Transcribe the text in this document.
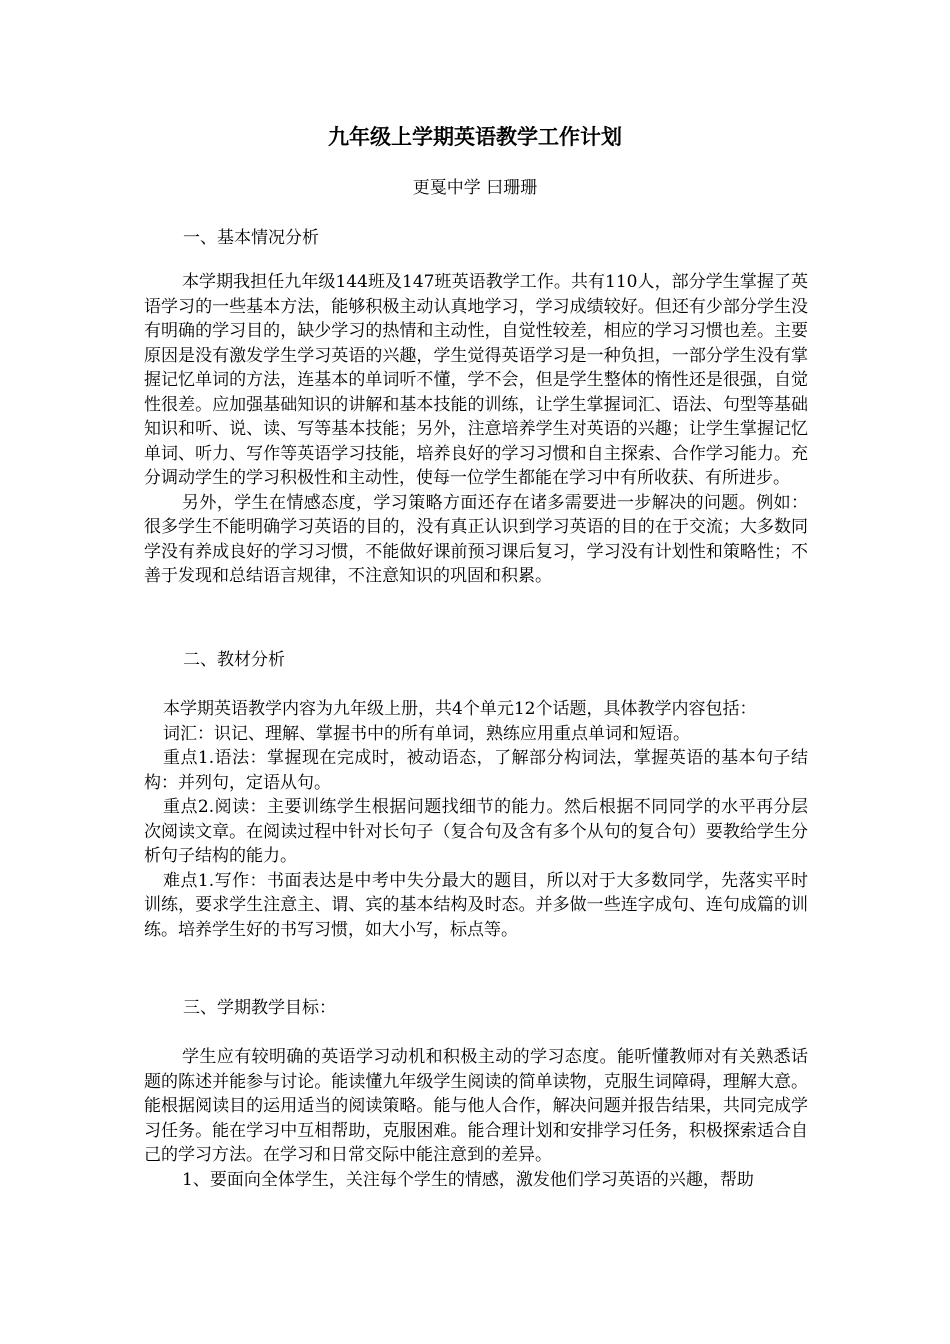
九年级上学期英语教学工作计划
更戛中学 曰珊珊
一、基本情况分析

本学期我担任九年级144班及147班英语教学工作。共有110人，部分学生掌握了英语学习的一些基本方法，能够积极主动认真地学习，学习成绩较好。但还有少部分学生没有明确的学习目的，缺少学习的热情和主动性，自觉性较差，相应的学习习惯也差。主要原因是没有激发学生学习英语的兴趣，学生觉得英语学习是一种负担，一部分学生没有掌握记忆单词的方法，连基本的单词听不懂，学不会，但是学生整体的惰性还是很强，自觉性很差。应加强基础知识的讲解和基本技能的训练，让学生掌握词汇、语法、句型等基础知识和听、说、读、写等基本技能；另外，注意培养学生对英语的兴趣；让学生掌握记忆单词、听力、写作等英语学习技能，培养良好的学习习惯和自主探索、合作学习能力。充分调动学生的学习积极性和主动性，使每一位学生都能在学习中有所收获、有所进步。

另外，学生在情感态度，学习策略方面还存在诸多需要进一步解决的问题。例如：很多学生不能明确学习英语的目的，没有真正认识到学习英语的目的在于交流；大多数同学没有养成良好的学习习惯，不能做好课前预习课后复习，学习没有计划性和策略性；不善于发现和总结语言规律，不注意知识的巩固和积累。

二、教材分析

本学期英语教学内容为九年级上册，共4个单元12个话题，具体教学内容包括：

词汇：识记、理解、掌握书中的所有单词，熟练应用重点单词和短语。

重点1.语法：掌握现在完成时，被动语态，了解部分构词法，掌握英语的基本句子结构：并列句，定语从句。

重点2.阅读：主要训练学生根据问题找细节的能力。然后根据不同同学的水平再分层次阅读文章。在阅读过程中针对长句子（复合句及含有多个从句的复合句）要教给学生分析句子结构的能力。

难点1.写作：书面表达是中考中失分最大的题目，所以对于大多数同学，先落实平时训练，要求学生注意主、谓、宾的基本结构及时态。并多做一些连字成句、连句成篇的训练。培养学生好的书写习惯，如大小写，标点等。

三、学期教学目标：

学生应有较明确的英语学习动机和积极主动的学习态度。能听懂教师对有关熟悉话题的陈述并能参与讨论。能读懂九年级学生阅读的简单读物，克服生词障碍，理解大意。能根据阅读目的运用适当的阅读策略。能与他人合作，解决问题并报告结果，共同完成学习任务。能在学习中互相帮助，克服困难。能合理计划和安排学习任务，积极探索适合自己的学习方法。在学习和日常交际中能注意到的差异。

1、要面向全体学生，关注每个学生的情感，激发他们学习英语的兴趣，帮助
